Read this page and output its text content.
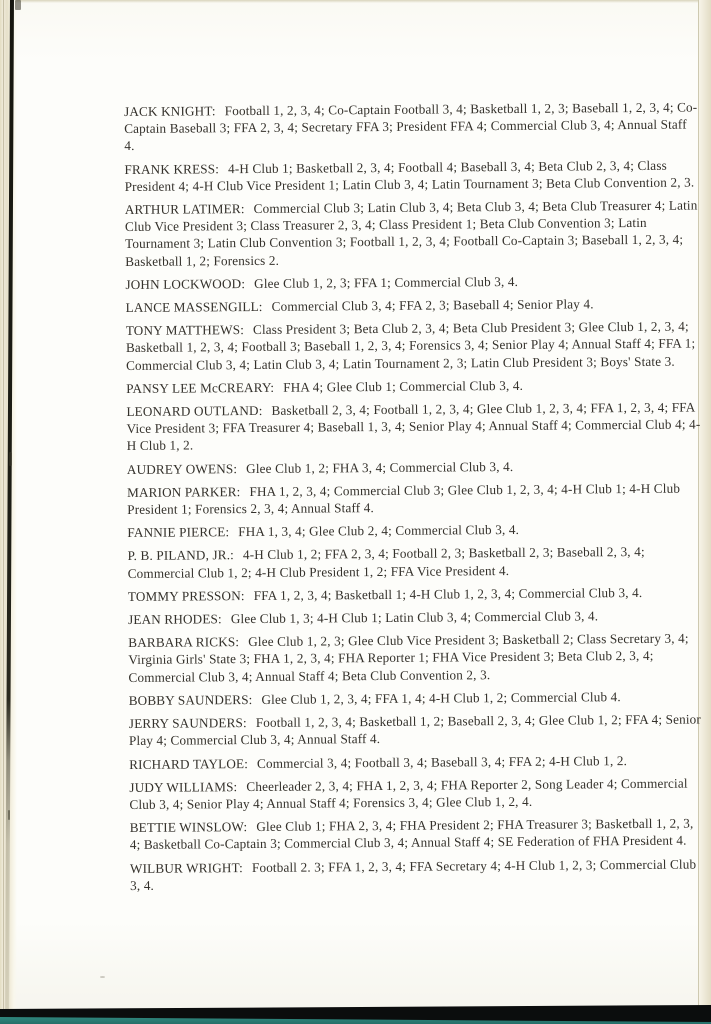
JACK KNIGHT: Football 1, 2, 3, 4; Co-Captain Football 3, 4; Basketball 1, 2, 3; Baseball 1, 2, 3, 4; Co-Captain Baseball 3; FFA 2, 3, 4; Secretary FFA 3; President FFA 4; Commercial Club 3, 4; Annual Staff 4.

FRANK KRESS: 4-H Club 1; Basketball 2, 3, 4; Football 4; Baseball 3, 4; Beta Club 2, 3, 4; Class President 4; 4-H Club Vice President 1; Latin Club 3, 4; Latin Tournament 3; Beta Club Convention 2, 3.

ARTHUR LATIMER: Commercial Club 3; Latin Club 3, 4; Beta Club 3, 4; Beta Club Treasurer 4; Latin Club Vice President 3; Class Treasurer 2, 3, 4; Class President 1; Beta Club Convention 3; Latin Tournament 3; Latin Club Convention 3; Football 1, 2, 3, 4; Football Co-Captain 3; Baseball 1, 2, 3, 4; Basketball 1, 2; Forensics 2.

JOHN LOCKWOOD: Glee Club 1, 2, 3; FFA 1; Commercial Club 3, 4.

LANCE MASSENGILL: Commercial Club 3, 4; FFA 2, 3; Baseball 4; Senior Play 4.

TONY MATTHEWS: Class President 3; Beta Club 2, 3, 4; Beta Club President 3; Glee Club 1, 2, 3, 4; Basketball 1, 2, 3, 4; Football 3; Baseball 1, 2, 3, 4; Forensics 3, 4; Senior Play 4; Annual Staff 4; FFA 1; Commercial Club 3, 4; Latin Club 3, 4; Latin Tournament 2, 3; Latin Club President 3; Boys' State 3.

PANSY LEE McCREARY: FHA 4; Glee Club 1; Commercial Club 3, 4.

LEONARD OUTLAND: Basketball 2, 3, 4; Football 1, 2, 3, 4; Glee Club 1, 2, 3, 4; FFA 1, 2, 3, 4; FFA Vice President 3; FFA Treasurer 4; Baseball 1, 3, 4; Senior Play 4; Annual Staff 4; Commercial Club 4; 4-H Club 1, 2.

AUDREY OWENS: Glee Club 1, 2; FHA 3, 4; Commercial Club 3, 4.

MARION PARKER: FHA 1, 2, 3, 4; Commercial Club 3; Glee Club 1, 2, 3, 4; 4-H Club 1; 4-H Club President 1; Forensics 2, 3, 4; Annual Staff 4.

FANNIE PIERCE: FHA 1, 3, 4; Glee Club 2, 4; Commercial Club 3, 4.

P. B. PILAND, JR.: 4-H Club 1, 2; FFA 2, 3, 4; Football 2, 3; Basketball 2, 3; Baseball 2, 3, 4; Commercial Club 1, 2; 4-H Club President 1, 2; FFA Vice President 4.

TOMMY PRESSON: FFA 1, 2, 3, 4; Basketball 1; 4-H Club 1, 2, 3, 4; Commercial Club 3, 4.

JEAN RHODES: Glee Club 1, 3; 4-H Club 1; Latin Club 3, 4; Commercial Club 3, 4.

BARBARA RICKS: Glee Club 1, 2, 3; Glee Club Vice President 3; Basketball 2; Class Secretary 3, 4; Virginia Girls' State 3; FHA 1, 2, 3, 4; FHA Reporter 1; FHA Vice President 3; Beta Club 2, 3, 4; Commercial Club 3, 4; Annual Staff 4; Beta Club Convention 2, 3.

BOBBY SAUNDERS: Glee Club 1, 2, 3, 4; FFA 1, 4; 4-H Club 1, 2; Commercial Club 4.

JERRY SAUNDERS: Football 1, 2, 3, 4; Basketball 1, 2; Baseball 2, 3, 4; Glee Club 1, 2; FFA 4; Senior Play 4; Commercial Club 3, 4; Annual Staff 4.

RICHARD TAYLOE: Commercial 3, 4; Football 3, 4; Baseball 3, 4; FFA 2; 4-H Club 1, 2.

JUDY WILLIAMS: Cheerleader 2, 3, 4; FHA 1, 2, 3, 4; FHA Reporter 2, Song Leader 4; Commercial Club 3, 4; Senior Play 4; Annual Staff 4; Forensics 3, 4; Glee Club 1, 2, 4.

BETTIE WINSLOW: Glee Club 1; FHA 2, 3, 4; FHA President 2; FHA Treasurer 3; Basketball 1, 2, 3, 4; Basketball Co-Captain 3; Commercial Club 3, 4; Annual Staff 4; SE Federation of FHA President 4.

WILBUR WRIGHT: Football 2. 3; FFA 1, 2, 3, 4; FFA Secretary 4; 4-H Club 1, 2, 3; Commercial Club 3, 4.
